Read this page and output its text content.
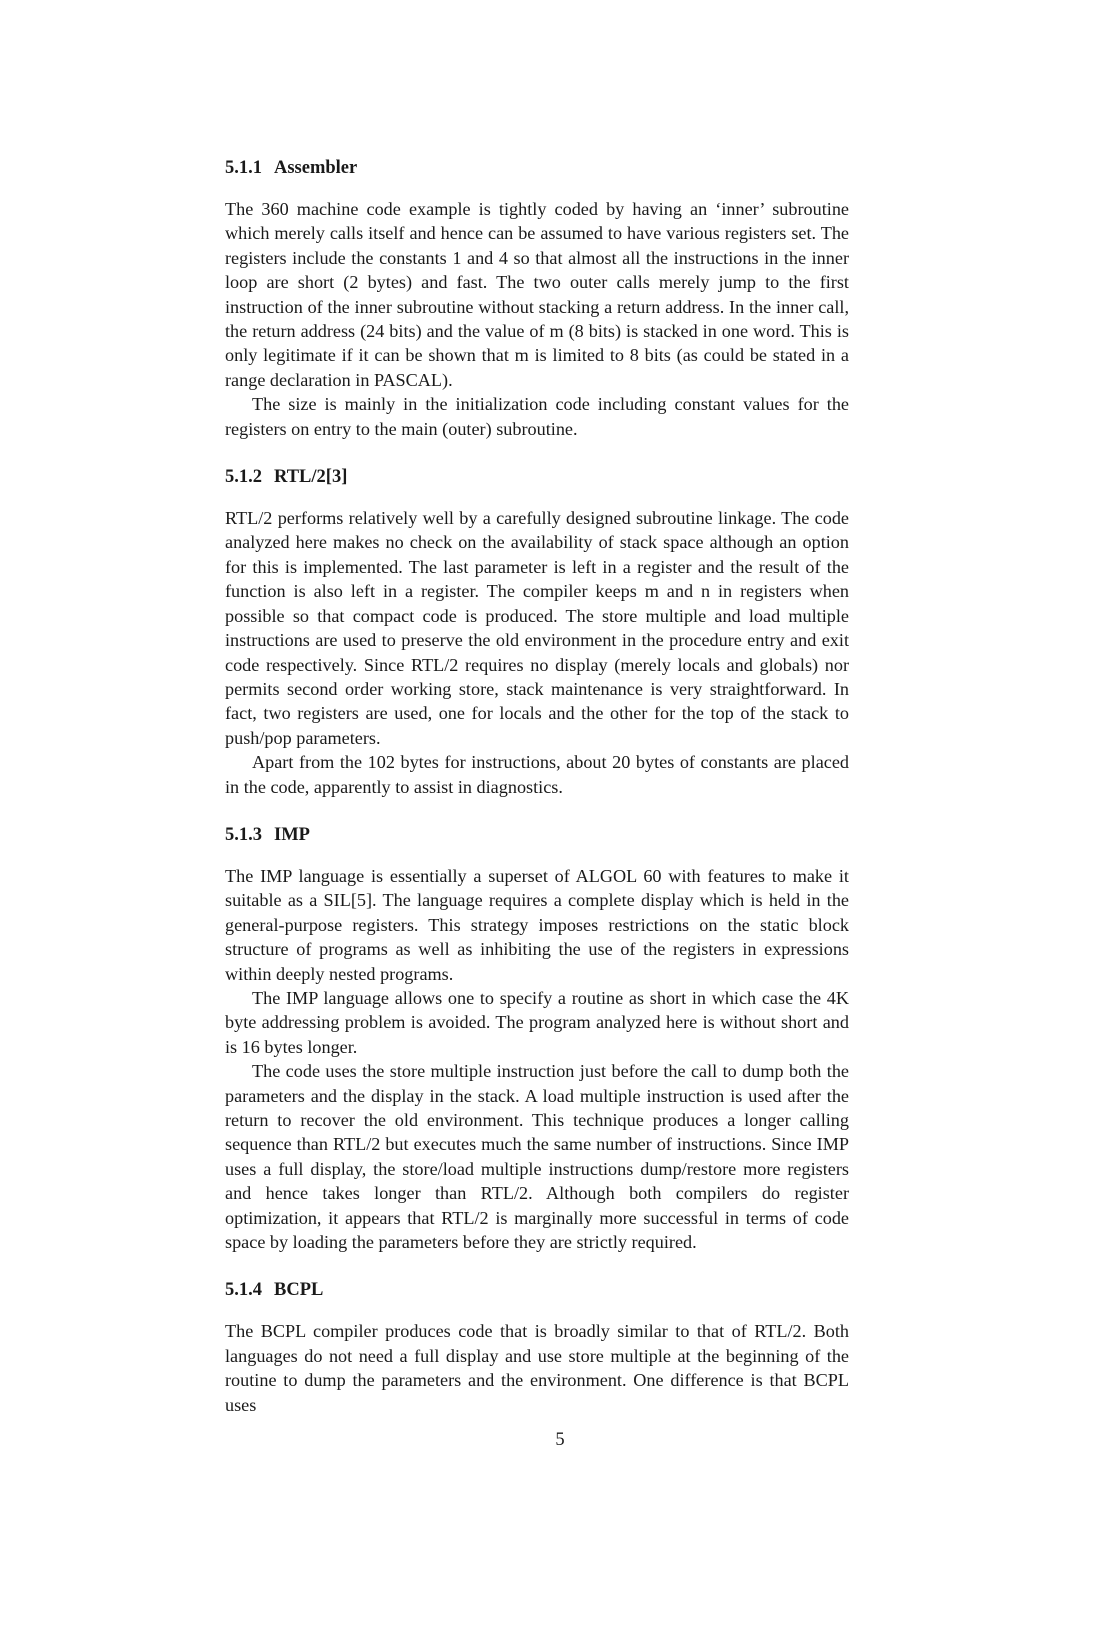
5.1.1 Assembler

The 360 machine code example is tightly coded by having an ‘inner’ subroutine which merely calls itself and hence can be assumed to have various registers set. The registers include the constants 1 and 4 so that almost all the instructions in the inner loop are short (2 bytes) and fast. The two outer calls merely jump to the first instruction of the inner subroutine without stacking a return address. In the inner call, the return address (24 bits) and the value of m (8 bits) is stacked in one word. This is only legitimate if it can be shown that m is limited to 8 bits (as could be stated in a range declaration in PASCAL).

The size is mainly in the initialization code including constant values for the registers on entry to the main (outer) subroutine.

5.1.2 RTL/2[3]

RTL/2 performs relatively well by a carefully designed subroutine linkage. The code analyzed here makes no check on the availability of stack space although an option for this is implemented. The last parameter is left in a register and the result of the function is also left in a register. The compiler keeps m and n in registers when possible so that compact code is produced. The store multiple and load multiple instructions are used to preserve the old environment in the procedure entry and exit code respectively. Since RTL/2 requires no display (merely locals and globals) nor permits second order working store, stack maintenance is very straightforward. In fact, two registers are used, one for locals and the other for the top of the stack to push/pop parameters.

Apart from the 102 bytes for instructions, about 20 bytes of constants are placed in the code, apparently to assist in diagnostics.

5.1.3 IMP

The IMP language is essentially a superset of ALGOL 60 with features to make it suitable as a SIL[5]. The language requires a complete display which is held in the general-purpose registers. This strategy imposes restrictions on the static block structure of programs as well as inhibiting the use of the registers in expressions within deeply nested programs.

The IMP language allows one to specify a routine as short in which case the 4K byte addressing problem is avoided. The program analyzed here is without short and is 16 bytes longer.

The code uses the store multiple instruction just before the call to dump both the parameters and the display in the stack. A load multiple instruction is used after the return to recover the old environment. This technique produces a longer calling sequence than RTL/2 but executes much the same number of instructions. Since IMP uses a full display, the store/load multiple instructions dump/restore more registers and hence takes longer than RTL/2. Although both compilers do register optimization, it appears that RTL/2 is marginally more successful in terms of code space by loading the parameters before they are strictly required.

5.1.4 BCPL

The BCPL compiler produces code that is broadly similar to that of RTL/2. Both languages do not need a full display and use store multiple at the beginning of the routine to dump the parameters and the environment. One difference is that BCPL uses

5
